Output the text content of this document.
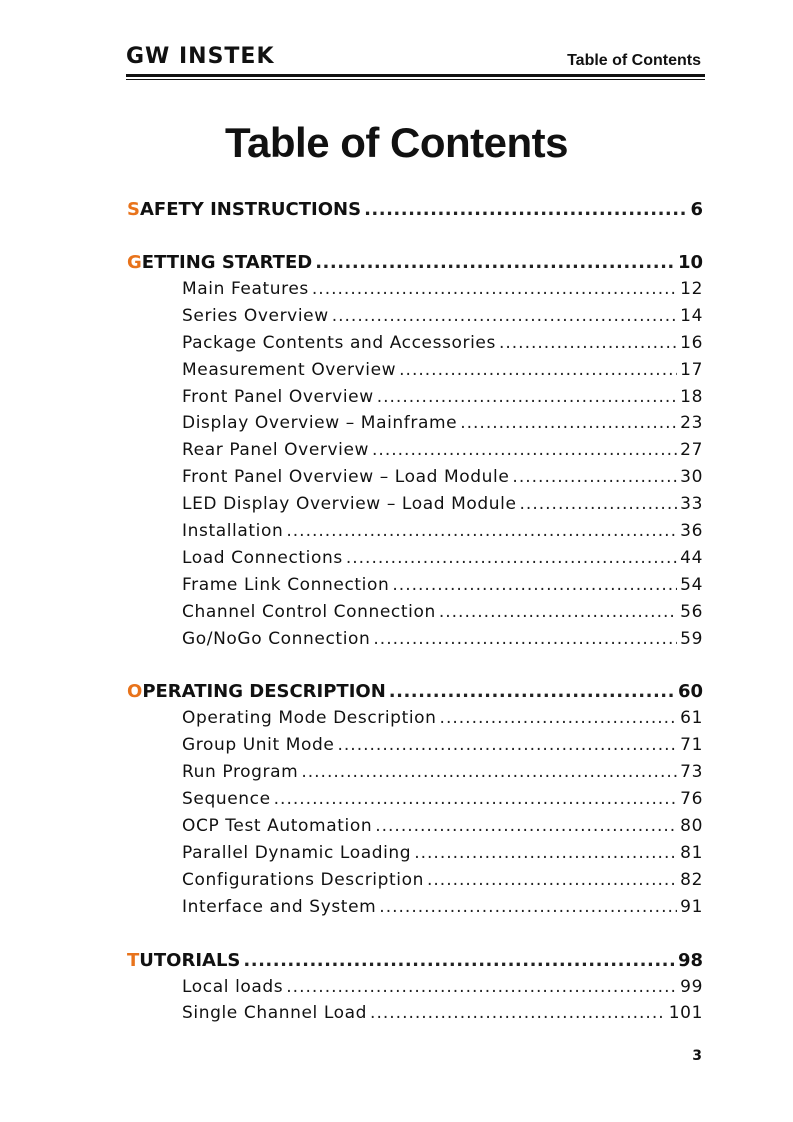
GW INSTEK	Table of Contents
Table of Contents
SAFETY INSTRUCTIONS .....	6
GETTING STARTED .....	10
Main Features .....	12
Series Overview .....	14
Package Contents and Accessories .....	16
Measurement Overview .....	17
Front Panel Overview .....	18
Display Overview – Mainframe .....	23
Rear Panel Overview .....	27
Front Panel Overview – Load Module .....	30
LED Display Overview – Load Module .....	33
Installation .....	36
Load Connections .....	44
Frame Link Connection .....	54
Channel Control Connection .....	56
Go/NoGo Connection .....	59
OPERATING DESCRIPTION .....	60
Operating Mode Description .....	61
Group Unit Mode .....	71
Run Program .....	73
Sequence .....	76
OCP Test Automation .....	80
Parallel Dynamic Loading .....	81
Configurations Description .....	82
Interface and System .....	91
TUTORIALS .....	98
Local loads .....	99
Single Channel Load .....	101
3
